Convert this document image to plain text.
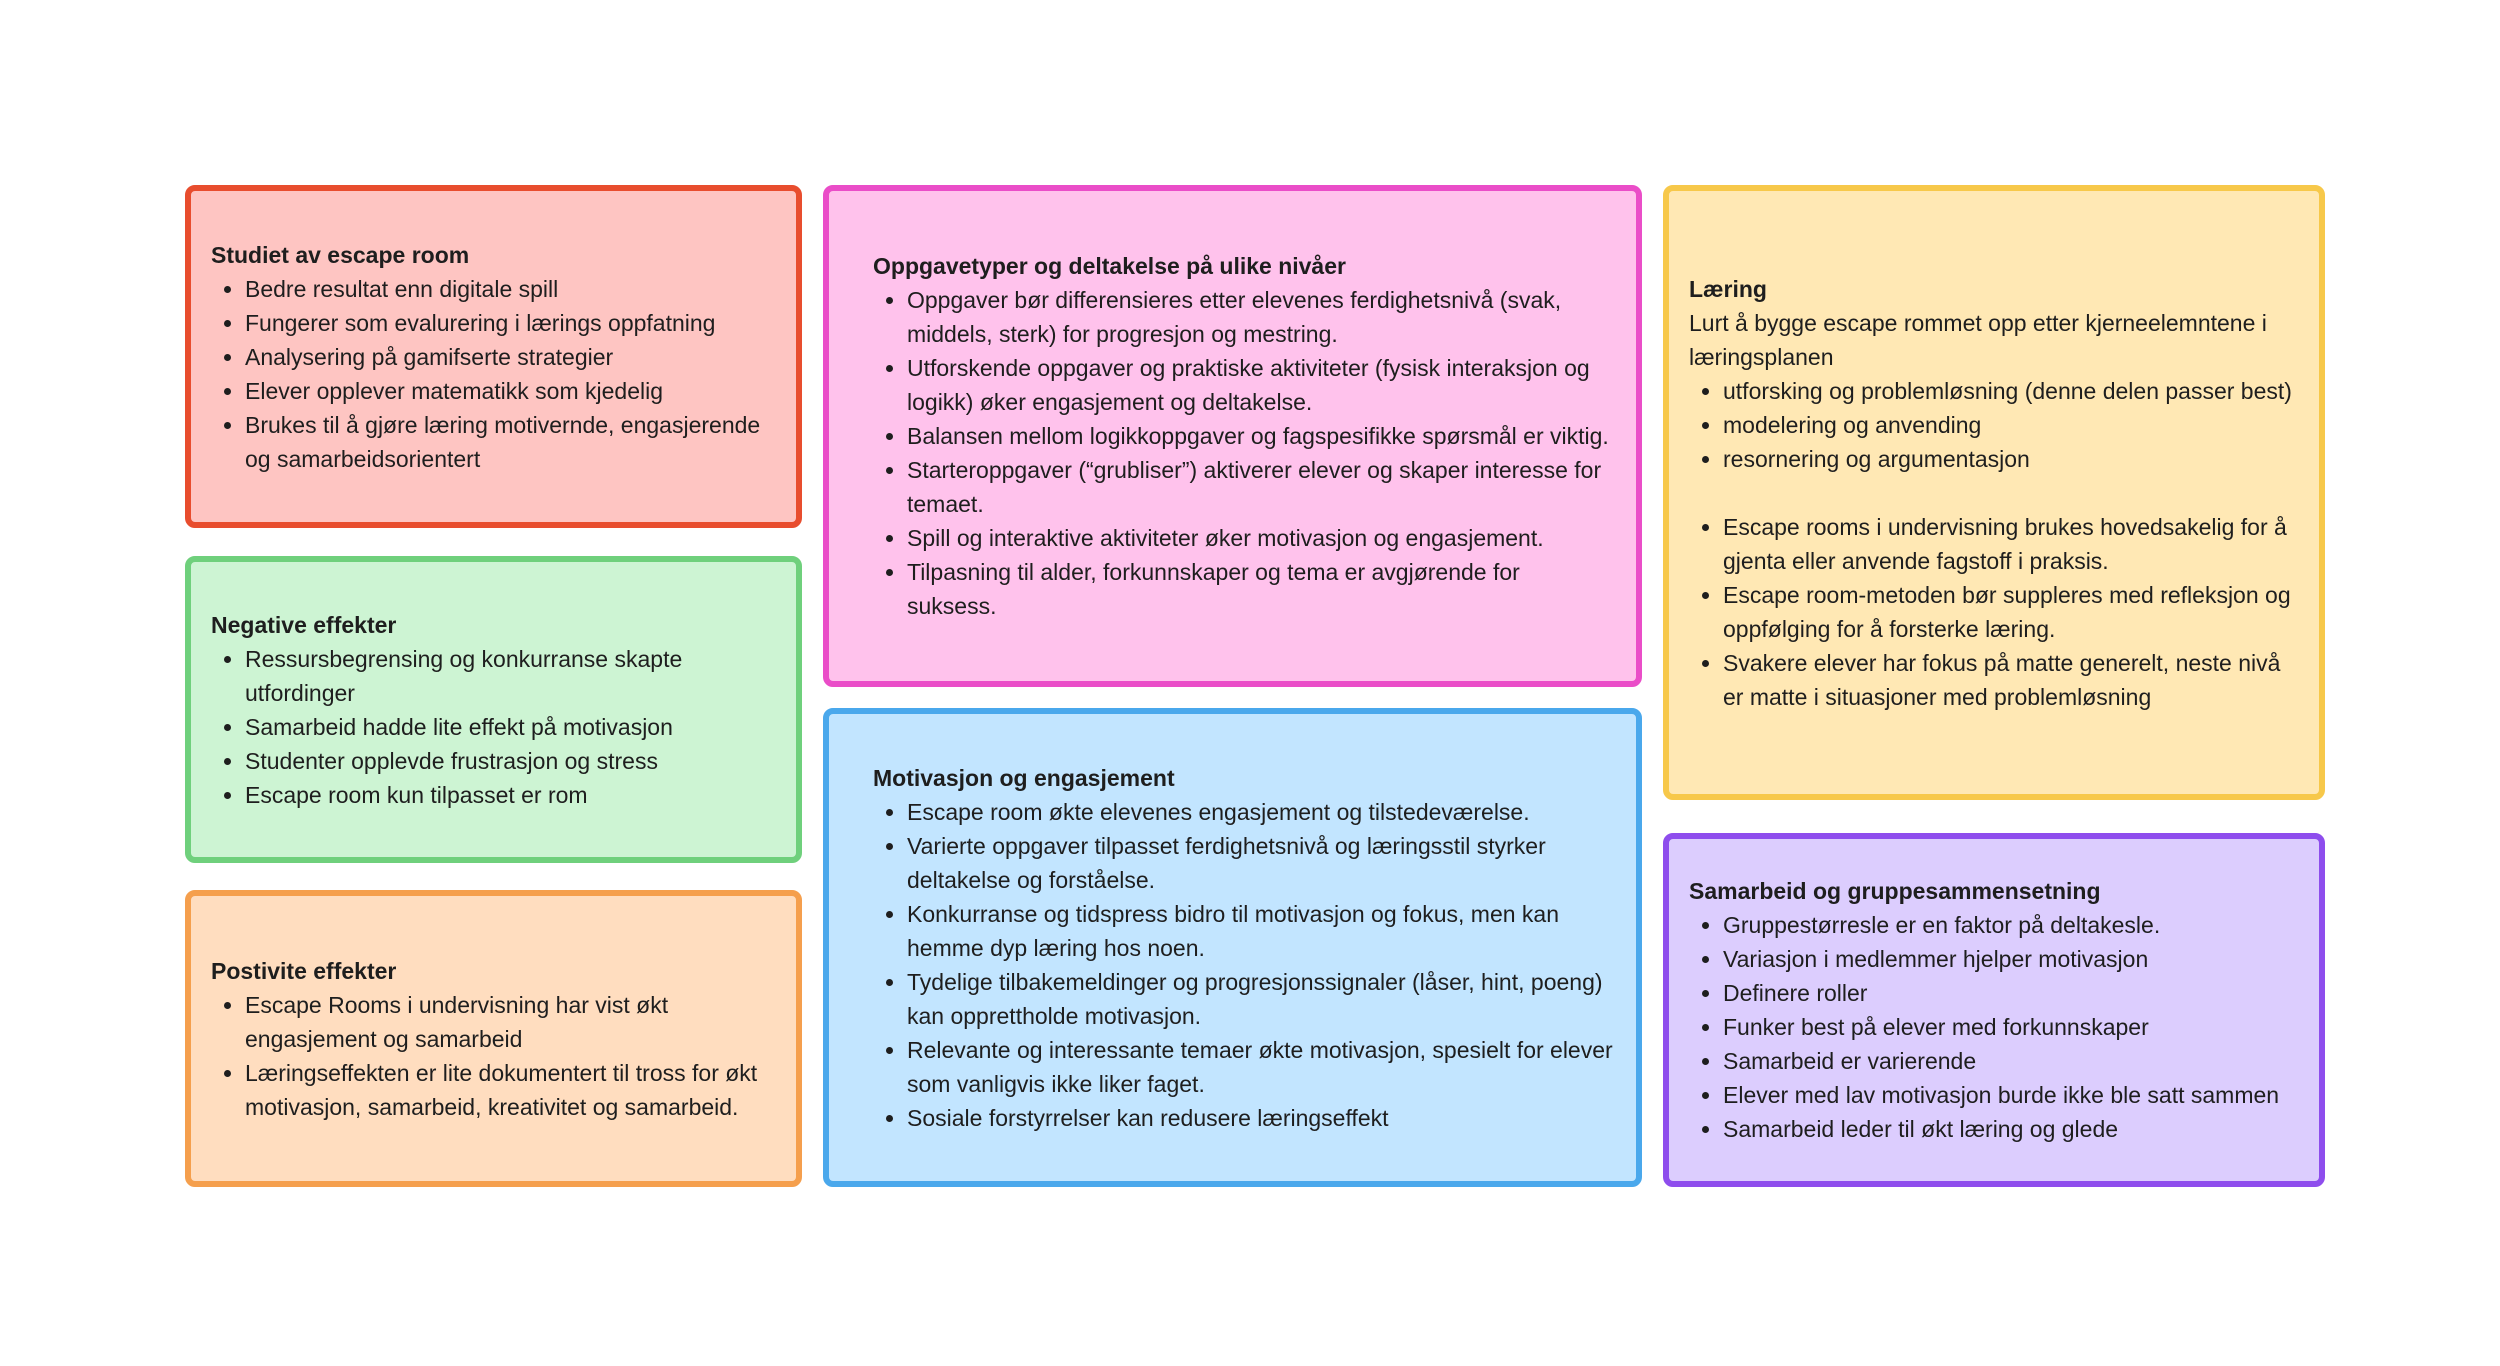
Studiet av escape room
• Bedre resultat enn digitale spill
• Fungerer som evalurering i lærings oppfatning
• Analysering på gamifserte strategier
• Elever opplever matematikk som kjedelig
• Brukes til å gjøre læring motivernde, engasjerende og samarbeidsorientert
Negative effekter
• Ressursbegrensing og konkurranse skapte utfordinger
• Samarbeid hadde lite effekt på motivasjon
• Studenter opplevde frustrasjon og stress
• Escape room kun tilpasset er rom
Postivite effekter
• Escape Rooms i undervisning har vist økt engasjement og samarbeid
• Læringseffekten er lite dokumentert til tross for økt motivasjon, samarbeid, kreativitet og samarbeid.
Oppgavetyper og deltakelse på ulike nivåer
• Oppgaver bør differensieres etter elevenes ferdighetsnivå (svak, middels, sterk) for progresjon og mestring.
• Utforskende oppgaver og praktiske aktiviteter (fysisk interaksjon og logikk) øker engasjement og deltakelse.
• Balansen mellom logikkoppgaver og fagspesifikke spørsmål er viktig.
• Starteroppgaver (“grubliser”) aktiverer elever og skaper interesse for temaet.
• Spill og interaktive aktiviteter øker motivasjon og engasjement.
• Tilpasning til alder, forkunnskaper og tema er avgjørende for suksess.
Motivasjon og engasjement
• Escape room økte elevenes engasjement og tilstedeværelse.
• Varierte oppgaver tilpasset ferdighetsnivå og læringsstil styrker deltakelse og forståelse.
• Konkurranse og tidspress bidro til motivasjon og fokus, men kan hemme dyp læring hos noen.
• Tydelige tilbakemeldinger og progresjonssignaler (låser, hint, poeng) kan opprettholde motivasjon.
• Relevante og interessante temaer økte motivasjon, spesielt for elever som vanligvis ikke liker faget.
• Sosiale forstyrrelser kan redusere læringseffekt
Læring
Lurt å bygge escape rommet opp etter kjerneelemntene i læringsplanen
• utforsking og problemløsning (denne delen passer best)
• modelering og anvending
• resornering og argumentasjon
• Escape rooms i undervisning brukes hovedsakelig for å gjenta eller anvende fagstoff i praksis.
• Escape room-metoden bør suppleres med refleksjon og oppfølging for å forsterke læring.
• Svakere elever har fokus på matte generelt, neste nivå er matte i situasjoner med problemløsning
Samarbeid og gruppesammensetning
• Gruppestørresle er en faktor på deltakesle.
• Variasjon i medlemmer hjelper motivasjon
• Definere roller
• Funker best på elever med forkunnskaper
• Samarbeid er varierende
• Elever med lav motivasjon burde ikke ble satt sammen
• Samarbeid leder til økt læring og glede
